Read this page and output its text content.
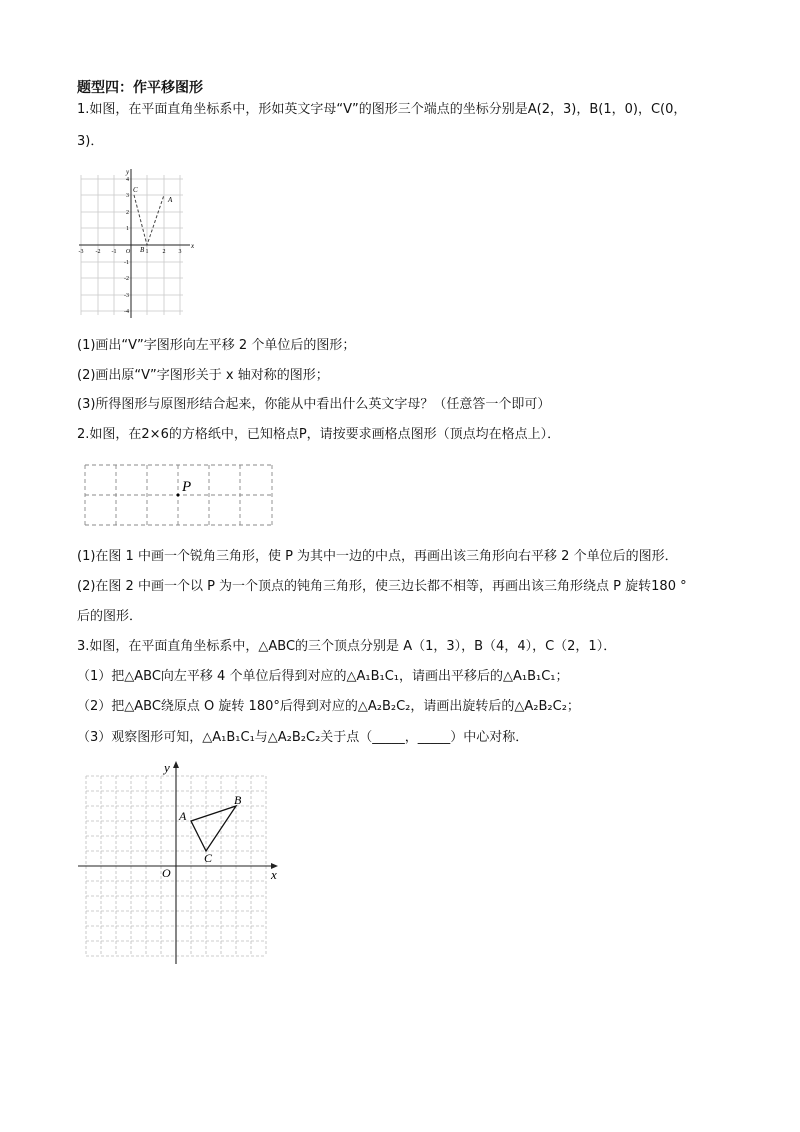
题型四：作平移图形
1.如图，在平面直角坐标系中，形如英文字母“V”的图形三个端点的坐标分别是A(2，3)，B(1，0)，C(0，
3)．
x
y
-3 -2 -1 O	1 2 3
4
3
2
1
-1
-2
-3
-4
A
B
C
(1)画出“V”字图形向左平移 2 个单位后的图形；
(2)画出原“V”字图形关于 x 轴对称的图形；
(3)所得图形与原图形结合起来，你能从中看出什么英文字母？（任意答一个即可）
2.如图，在2×6的方格纸中，已知格点P，请按要求画格点图形（顶点均在格点上）．
P
(1)在图 1 中画一个锐角三角形，使 P 为其中一边的中点，再画出该三角形向右平移 2 个单位后的图形．
(2)在图 2 中画一个以 P 为一个顶点的钝角三角形，使三边长都不相等，再画出该三角形绕点 P 旋转180 °
后的图形．
3.如图，在平面直角坐标系中，△ABC的三个顶点分别是 A（1，3），B（4，4），C（2，1）．
（1）把△ABC向左平移 4 个单位后得到对应的△A₁B₁C₁，请画出平移后的△A₁B₁C₁；
（2）把△ABC绕原点 O 旋转 180°后得到对应的△A₂B₂C₂，请画出旋转后的△A₂B₂C₂；
（3）观察图形可知，△A₁B₁C₁与△A₂B₂C₂关于点（_____，_____）中心对称．
x
y
O
A
B
C
